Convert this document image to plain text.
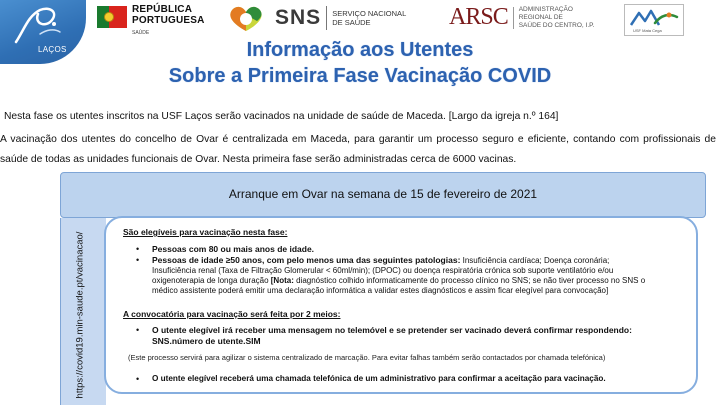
LAÇOS
REPÚBLICA
PORTUGUESA
SAÚDE
SNS SERVIÇO NACIONAL
DE SAÚDE	ARSC ADMINISTRAÇÃO
REGIONAL DE
SAÚDE DO CENTRO, I.P.
USF Mata Cega
Informação aos Utentes
Sobre a Primeira Fase Vacinação COVID
Nesta fase os utentes inscritos na USF Laços serão vacinados na unidade de saúde de Maceda. [Largo da igreja n.º 164]
A vacinação dos utentes do concelho de Ovar é centralizada em Maceda, para garantir um processo seguro e eficiente, contando com profissionais de saúde de todas as unidades funcionais de Ovar. Nesta primeira fase serão administradas cerca de 6000 vacinas.
Arranque em Ovar na semana de 15 de fevereiro de 2021
https://covid19.min-saude.pt/vacinacao/	São elegíveis para vacinação nesta fase:
•	Pessoas com 80 ou mais anos de idade.
•	Pessoas de idade ≥50 anos, com pelo menos uma das seguintes patologias: Insuficiência cardíaca; Doença coronária;
Insuficiência renal (Taxa de Filtração Glomerular < 60ml/min); (DPOC) ou doença respiratória crónica sob suporte ventilatório e/ou
oxigenoterapia de longa duração [Nota: diagnóstico colhido informaticamente do processo clínico no SNS; se não tiver processo no SNS o
médico assistente poderá emitir uma declaração informática a validar estes diagnósticos e assim ficar elegível para convocação]
A convocatória para vacinação será feita por 2 meios:
•	O utente elegível irá receber uma mensagem no telemóvel e se pretender ser vacinado deverá confirmar respondendo:
SNS.número de utente.SIM
(Este processo servirá para agilizar o sistema centralizado de marcação. Para evitar falhas também serão contactados por chamada telefónica)
•	O utente elegível receberá uma chamada telefónica de um administrativo para confirmar a aceitação para vacinação.
